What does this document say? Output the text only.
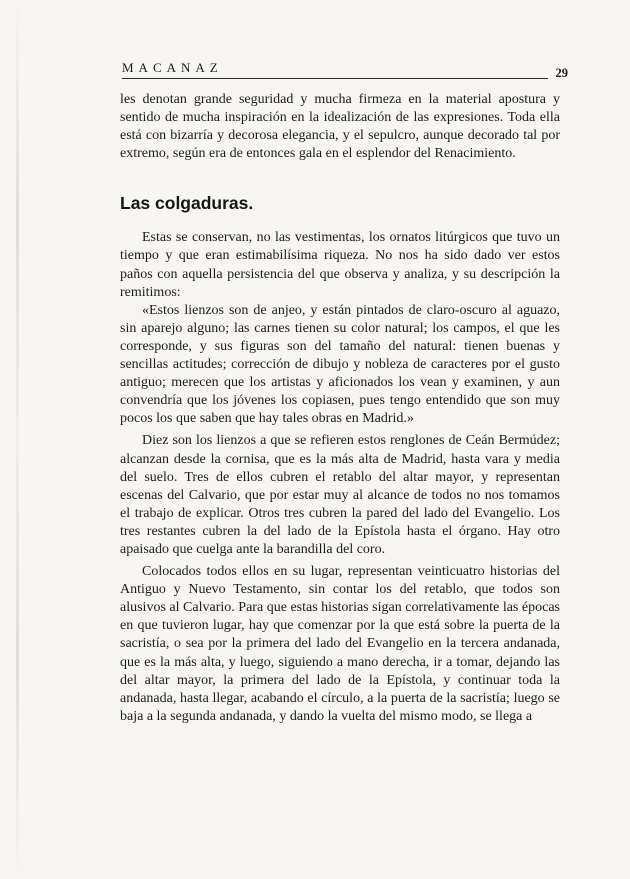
MACANAZ	29

les denotan grande seguridad y mucha firmeza en la material apostura y sentido de mucha inspiración en la idealización de las expresiones. Toda ella está con bizarría y decorosa elegancia, y el sepulcro, aunque decorado tal por extremo, según era de entonces gala en el esplendor del Renacimiento.

Las colgaduras.

Estas se conservan, no las vestimentas, los ornatos litúrgicos que tuvo un tiempo y que eran estimabilísima riqueza. No nos ha sido dado ver estos paños con aquella persistencia del que observa y analiza, y su descripción la remitimos:

«Estos lienzos son de anjeo, y están pintados de claro-oscuro al aguazo, sin aparejo alguno; las carnes tienen su color natural; los campos, el que les corresponde, y sus figuras son del tamaño del natural: tienen buenas y sencillas actitudes; corrección de dibujo y nobleza de caracteres por el gusto antiguo; merecen que los artistas y aficionados los vean y examinen, y aun convendría que los jóvenes los copiasen, pues tengo entendido que son muy pocos los que saben que hay tales obras en Madrid.»

Diez son los lienzos a que se refieren estos renglones de Ceán Bermúdez; alcanzan desde la cornisa, que es la más alta de Madrid, hasta vara y media del suelo. Tres de ellos cubren el retablo del altar mayor, y representan escenas del Calvario, que por estar muy al alcance de todos no nos tomamos el trabajo de explicar. Otros tres cubren la pared del lado del Evangelio. Los tres restantes cubren la del lado de la Epístola hasta el órgano. Hay otro apaisado que cuelga ante la barandilla del coro.

Colocados todos ellos en su lugar, representan veinticuatro historias del Antiguo y Nuevo Testamento, sin contar los del retablo, que todos son alusivos al Calvario. Para que estas historias sigan correlativamente las épocas en que tuvieron lugar, hay que comenzar por la que está sobre la puerta de la sacristía, o sea por la primera del lado del Evangelio en la tercera andanada, que es la más alta, y luego, siguiendo a mano derecha, ir a tomar, dejando las del altar mayor, la primera del lado de la Epístola, y continuar toda la andanada, hasta llegar, acabando el círculo, a la puerta de la sacristía; luego se baja a la segunda andanada, y dando la vuelta del mismo modo, se llega a
